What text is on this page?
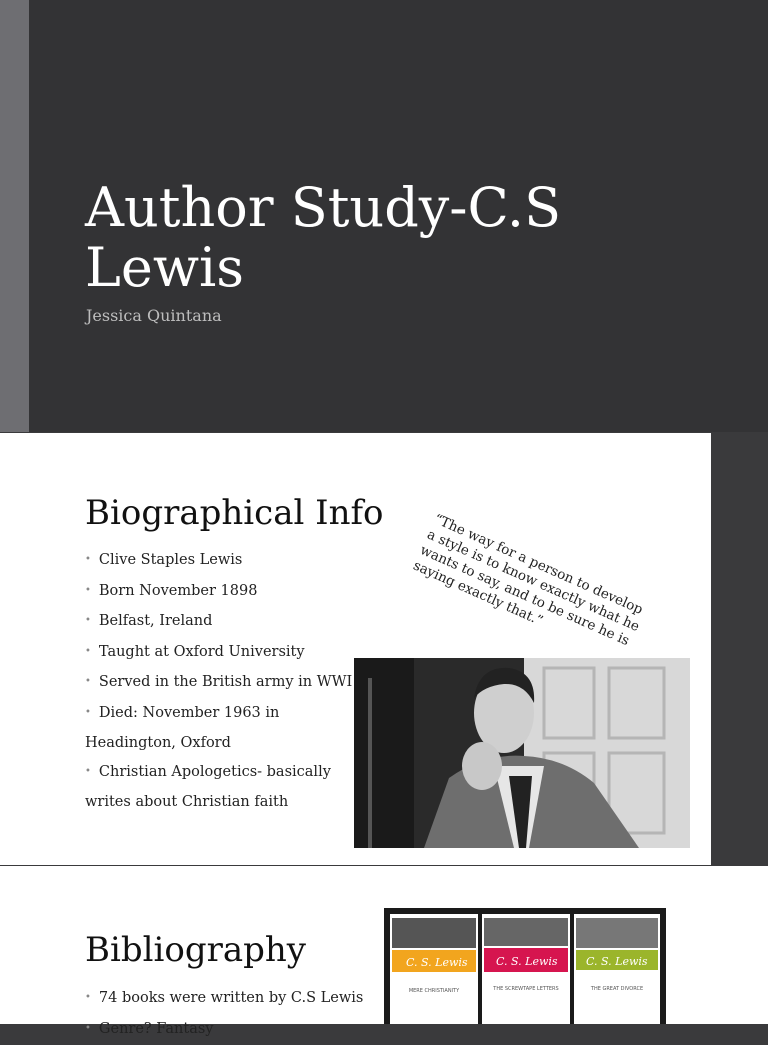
Author Study-C.S Lewis
Jessica Quintana
Biographical Info
• Clive Staples Lewis
• Born November 1898
• Belfast, Ireland
• Taught at Oxford University
• Served in the British army in WWI
• Died: November 1963 in Headington, Oxford
• Christian Apologetics- basically writes about Christian faith
“The way for a person to develop a style is to know exactly what he wants to say, and to be sure he is saying exactly that.”
Bibliography
• 74 books were written by C.S Lewis
• Genre? Fantasy
C. S. Lewis
MERE CHRISTIANITY
C. S. Lewis
THE SCREWTAPE LETTERS
C. S. Lewis
THE GREAT DIVORCE
